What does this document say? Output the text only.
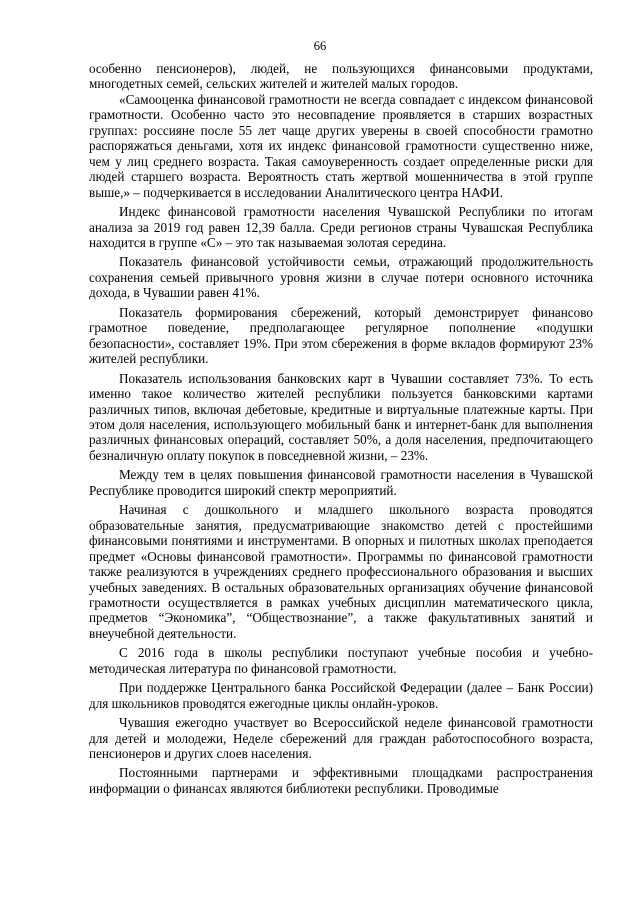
66

особенно пенсионеров), людей, не пользующихся финансовыми продуктами, многодетных семей, сельских жителей и жителей малых городов.

«Самооценка финансовой грамотности не всегда совпадает с индексом финансовой грамотности. Особенно часто это несовпадение проявляется в старших возрастных группах: россияне после 55 лет чаще других уверены в своей способности грамотно распоряжаться деньгами, хотя их индекс финансовой грамотности существенно ниже, чем у лиц среднего возраста. Такая самоуверенность создает определенные риски для людей старшего возраста. Вероятность стать жертвой мошенничества в этой группе выше,» – подчеркивается в исследовании Аналитического центра НАФИ.

Индекс финансовой грамотности населения Чувашской Республики по итогам анализа за 2019 год равен 12,39 балла. Среди регионов страны Чувашская Республика находится в группе «С» – это так называемая золотая середина.

Показатель финансовой устойчивости семьи, отражающий продолжительность сохранения семьей привычного уровня жизни в случае потери основного источника дохода, в Чувашии равен 41%.

Показатель формирования сбережений, который демонстрирует финансово грамотное поведение, предполагающее регулярное пополнение «подушки безопасности», составляет 19%. При этом сбережения в форме вкладов формируют 23% жителей республики.

Показатель использования банковских карт в Чувашии составляет 73%. То есть именно такое количество жителей республики пользуется банковскими картами различных типов, включая дебетовые, кредитные и виртуальные платежные карты. При этом доля населения, использующего мобильный банк и интернет-банк для выполнения различных финансовых операций, составляет 50%, а доля населения, предпочитающего безналичную оплату покупок в повседневной жизни, – 23%.

Между тем в целях повышения финансовой грамотности населения в Чувашской Республике проводится широкий спектр мероприятий.

Начиная с дошкольного и младшего школьного возраста проводятся образовательные занятия, предусматривающие знакомство детей с простейшими финансовыми понятиями и инструментами. В опорных и пилотных школах преподается предмет «Основы финансовой грамотности». Программы по финансовой грамотности также реализуются в учреждениях среднего профессионального образования и высших учебных заведениях. В остальных образовательных организациях обучение финансовой грамотности осуществляется в рамках учебных дисциплин математического цикла, предметов “Экономика”, “Обществознание”, а также факультативных занятий и внеучебной деятельности.

С 2016 года в школы республики поступают учебные пособия и учебно-методическая литература по финансовой грамотности.

При поддержке Центрального банка Российской Федерации (далее – Банк России) для школьников проводятся ежегодные циклы онлайн-уроков.

Чувашия ежегодно участвует во Всероссийской неделе финансовой грамотности для детей и молодежи, Неделе сбережений для граждан работоспособного возраста, пенсионеров и других слоев населения.

Постоянными партнерами и эффективными площадками распространения информации о финансах являются библиотеки республики. Проводимые
